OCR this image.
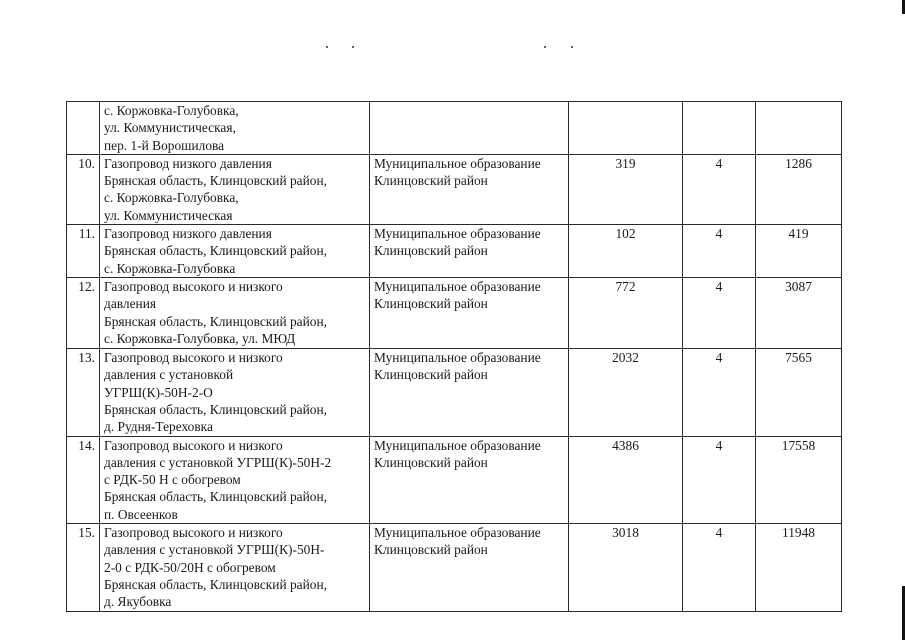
	с. Коржовка-Голубовка,
ул. Коммунистическая,
пер. 1-й Ворошилова				

10.	Газопровод низкого давления
Брянская область, Клинцовский район,
с. Коржовка-Голубовка,
ул. Коммунистическая	Муниципальное образование
Клинцовский район	319	4	1286
11.	Газопровод низкого давления
Брянская область, Клинцовский район,
с. Коржовка-Голубовка	Муниципальное образование
Клинцовский район	102	4	419
12.	Газопровод высокого и низкого
давления
Брянская область, Клинцовский район,
с. Коржовка-Голубовка, ул. МЮД	Муниципальное образование
Клинцовский район	772	4	3087
13.	Газопровод высокого и низкого
давления с установкой
УГРШ(К)-50Н-2-О
Брянская область, Клинцовский район,
д. Рудня-Тереховка	Муниципальное образование
Клинцовский район	2032	4	7565
14.	Газопровод высокого и низкого
давления с установкой УГРШ(К)-50Н-2
с РДК-50 Н с обогревом
Брянская область, Клинцовский район,
п. Овсеенков	Муниципальное образование
Клинцовский район	4386	4	17558
15.	Газопровод высокого и низкого
давления с установкой УГРШ(К)-50Н-
2-0 с РДК-50/20Н с обогревом
Брянская область, Клинцовский район,
д. Якубовка	Муниципальное образование
Клинцовский район	3018	4	11948
